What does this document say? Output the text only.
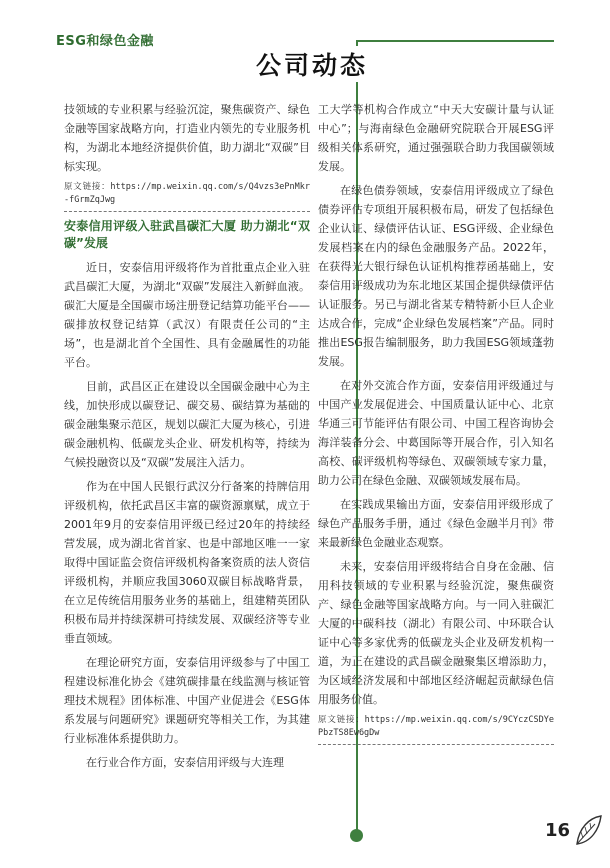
ESG和绿色金融
公司动态

技领域的专业积累与经验沉淀，聚焦碳资产、绿色金融等国家战略方向，打造业内领先的专业服务机构，为湖北本地经济提供价值，助力湖北“双碳”目标实现。

原文链接：https://mp.weixin.qq.com/s/Q4vzs3ePnMkr-fGrmZqJwg
安泰信用评级入驻武昌碳汇大厦 助力湖北“双碳”发展

近日，安泰信用评级将作为首批重点企业入驻武昌碳汇大厦，为湖北“双碳”发展注入新鲜血液。碳汇大厦是全国碳市场注册登记结算功能平台——碳排放权登记结算（武汉）有限责任公司的“主场”，也是湖北首个全国性、具有金融属性的功能平台。

目前，武昌区正在建设以全国碳金融中心为主线，加快形成以碳登记、碳交易、碳结算为基础的碳金融集聚示范区，规划以碳汇大厦为核心，引进碳金融机构、低碳龙头企业、研发机构等，持续为气候投融资以及“双碳”发展注入活力。

作为在中国人民银行武汉分行备案的持牌信用评级机构，依托武昌区丰富的碳资源禀赋，成立于2001年9月的安泰信用评级已经过20年的持续经营发展，成为湖北省首家、也是中部地区唯一一家取得中国证监会资信评级机构备案资质的法人资信评级机构，并顺应我国3060双碳目标战略背景，在立足传统信用服务业务的基础上，组建精英团队积极布局并持续深耕可持续发展、双碳经济等专业垂直领域。

在理论研究方面，安泰信用评级参与了中国工程建设标准化协会《建筑碳排量在线监测与核证管理技术规程》团体标准、中国产业促进会《ESG体系发展与问题研究》课题研究等相关工作，为其建行业标准体系提供助力。

在行业合作方面，安泰信用评级与大连理

工大学等机构合作成立“中天大安碳计量与认证中心”；与海南绿色金融研究院联合开展ESG评级相关体系研究，通过强强联合助力我国碳领域发展。

在绿色债券领域，安泰信用评级成立了绿色债券评估专项组开展积极布局，研发了包括绿色企业认证、绿债评估认证、ESG评级、企业绿色发展档案在内的绿色金融服务产品。2022年，在获得光大银行绿色认证机构推荐函基础上，安泰信用评级成功为东北地区某国企提供绿债评估认证服务。另已与湖北省某专精特新小巨人企业达成合作，完成“企业绿色发展档案”产品。同时推出ESG报告编制服务，助力我国ESG领域蓬勃发展。

在对外交流合作方面，安泰信用评级通过与中国产业发展促进会、中国质量认证中心、北京华通三可节能评估有限公司、中国工程咨询协会海洋装备分会、中葛国际等开展合作，引入知名高校、碳评级机构等绿色、双碳领域专家力量，助力公司在绿色金融、双碳领域发展布局。

在实践成果输出方面，安泰信用评级形成了绿色产品服务手册，通过《绿色金融半月刊》带来最新绿色金融业态观察。

未来，安泰信用评级将结合自身在金融、信用科技领域的专业积累与经验沉淀，聚焦碳资产、绿色金融等国家战略方向。与一同入驻碳汇大厦的中碳科技（湖北）有限公司、中环联合认证中心等多家优秀的低碳龙头企业及研发机构一道，为正在建设的武昌碳金融聚集区增添助力，为区域经济发展和中部地区经济崛起贡献绿色信用服务价值。

原文链接：https://mp.weixin.qq.com/s/9CYczCSDYePbzTS8Ew6gDw
16
